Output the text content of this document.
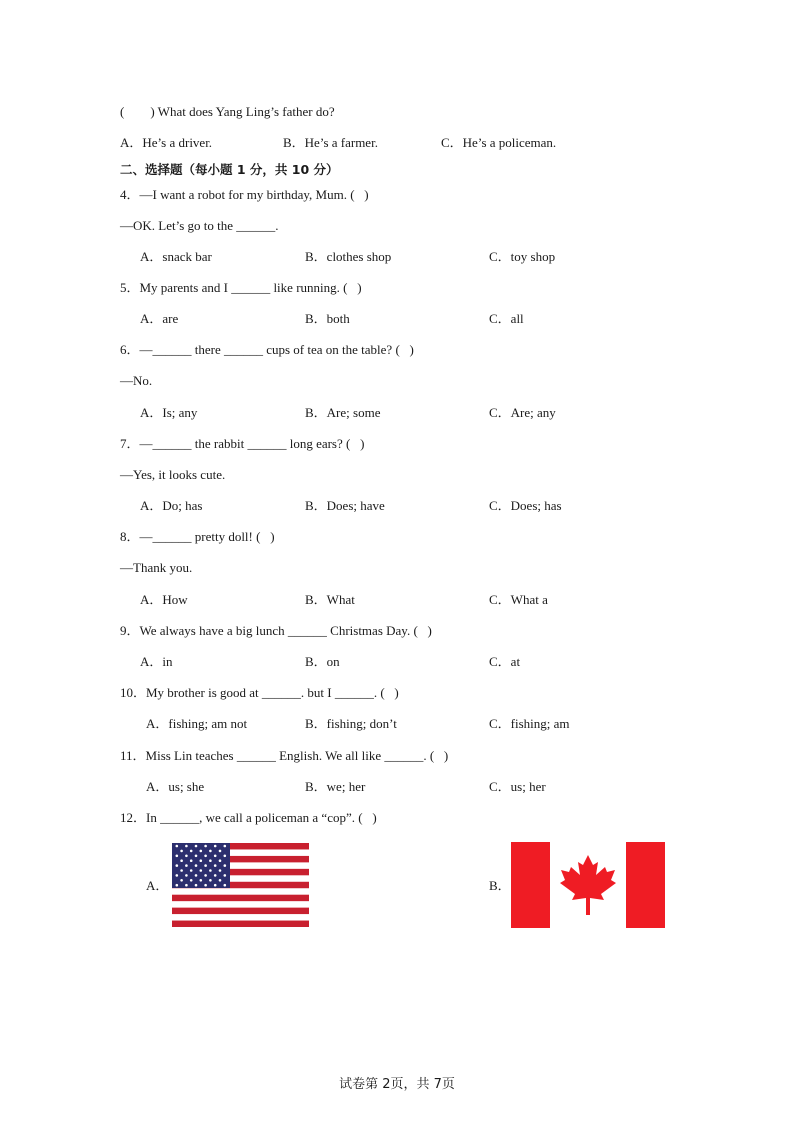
(        ) What does Yang Ling’s father do?
A．He’s a driver.	B．He’s a farmer.	C．He’s a policeman.
二、选择题（每小题 1 分，共 10 分）
4．—I want a robot for my birthday, Mum. (   )
—OK. Let’s go to the ______.
A．snack bar	B．clothes shop	C．toy shop
5．My parents and I ______ like running. (   )
A．are	B．both	C．all
6．—______ there ______ cups of tea on the table? (   )
—No.
A．Is; any	B．Are; some	C．Are; any
7．—______ the rabbit ______ long ears? (   )
—Yes, it looks cute.
A．Do; has	B．Does; have	C．Does; has
8．—______ pretty doll! (   )
—Thank you.
A．How	B．What	C．What a
9．We always have a big lunch ______ Christmas Day. (   )
A．in	B．on	C．at
10．My brother is good at ______. but I ______. (   )
A．fishing; am not	B．fishing; don’t	C．fishing; am
11．Miss Lin teaches ______ English. We all like ______. (   )
A．us; she	B．we; her	C．us; her
12．In ______, we call a policeman a “cop”. (   )
A．	B．
试卷第 2页，共 7页
